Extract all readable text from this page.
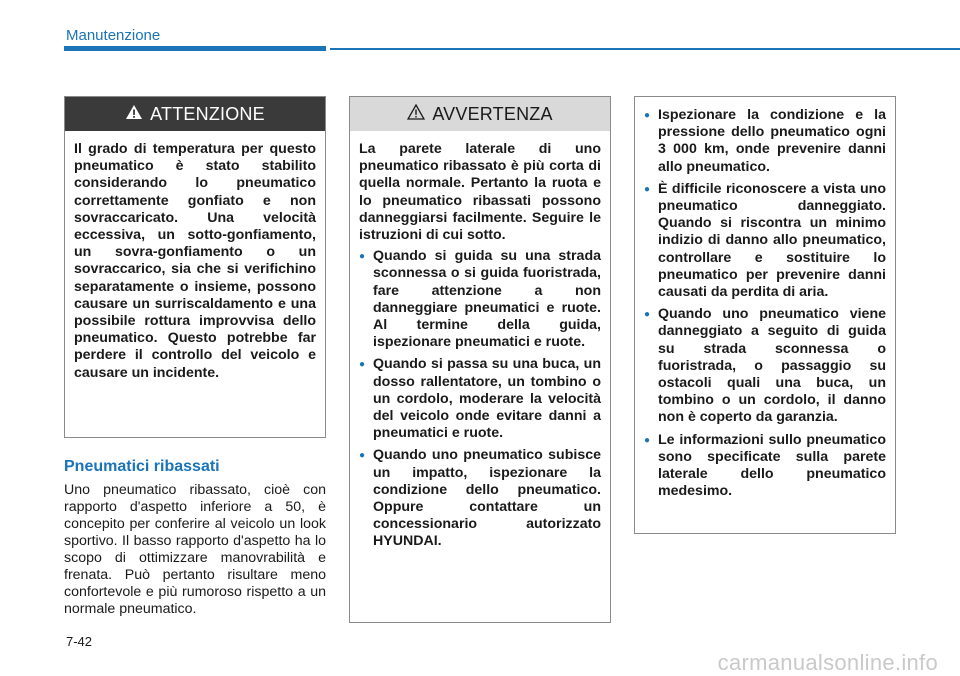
Manutenzione
ATTENZIONE

Il grado di temperatura per questo pneumatico è stato stabilito considerando lo pneumatico correttamente gonfiato e non sovraccaricato. Una velocità eccessiva, un sotto-gonfiamento, un sovra-gonfiamento o un sovraccarico, sia che si verifichino separatamente o insieme, possono causare un surriscaldamento e una possibile rottura improvvisa dello pneumatico. Questo potrebbe far perdere il controllo del veicolo e causare un incidente.

Pneumatici ribassati
Uno pneumatico ribassato, cioè con rapporto d'aspetto inferiore a 50, è concepito per conferire al veicolo un look sportivo. Il basso rapporto d'aspetto ha lo scopo di ottimizzare manovrabilità e frenata. Può pertanto risultare meno confortevole e più rumoroso rispetto a un normale pneumatico.
AVVERTENZA

La parete laterale di uno pneumatico ribassato è più corta di quella normale. Pertanto la ruota e lo pneumatico ribassati possono danneggiarsi facilmente. Seguire le istruzioni di cui sotto.

● Quando si guida su una strada sconnessa o si guida fuoristrada, fare attenzione a non danneggiare pneumatici e ruote. Al termine della guida, ispezionare pneumatici e ruote.
● Quando si passa su una buca, un dosso rallentatore, un tombino o un cordolo, moderare la velocità del veicolo onde evitare danni a pneumatici e ruote.
● Quando uno pneumatico subisce un impatto, ispezionare la condizione dello pneumatico. Oppure contattare un concessionario autorizzato HYUNDAI.
● Ispezionare la condizione e la pressione dello pneumatico ogni 3 000 km, onde prevenire danni allo pneumatico.
● È difficile riconoscere a vista uno pneumatico danneggiato. Quando si riscontra un minimo indizio di danno allo pneumatico, controllare e sostituire lo pneumatico per prevenire danni causati da perdita di aria.
● Quando uno pneumatico viene danneggiato a seguito di guida su strada sconnessa o fuoristrada, o passaggio su ostacoli quali una buca, un tombino o un cordolo, il danno non è coperto da garanzia.
● Le informazioni sullo pneumatico sono specificate sulla parete laterale dello pneumatico medesimo.
7-42
carmanualsonline.info
